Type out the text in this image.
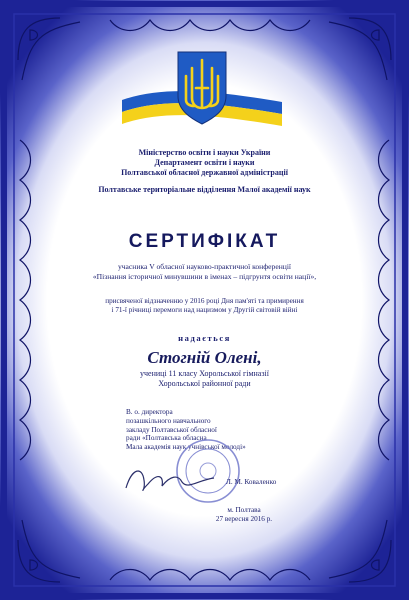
Міністерство освіти і науки України
Департамент освіти і науки
Полтавської обласної державної адміністрації
Полтавське територіальне відділення Малої академії наук
СЕРТИФІКАТ
учасника V обласної науково-практичної конференції
«Пізнання історичної минувшини в іменах – підгрунтя освіти нації»,
присвяченої відзначенню у 2016 році Дня пам'яті та примирення
і 71-ї річниці перемоги над нацизмом у Другій світовій війні
надається
Стогній Олені,
учениці 11 класу Хорольської гімназії
Хорольської районної ради
В. о. директора
позашкільного навчального
закладу Полтавської обласної
ради «Полтавська обласна
Мала академія наук учнівської молоді»
Л. М. Коваленко
м. Полтава
27 вересня 2016 р.
